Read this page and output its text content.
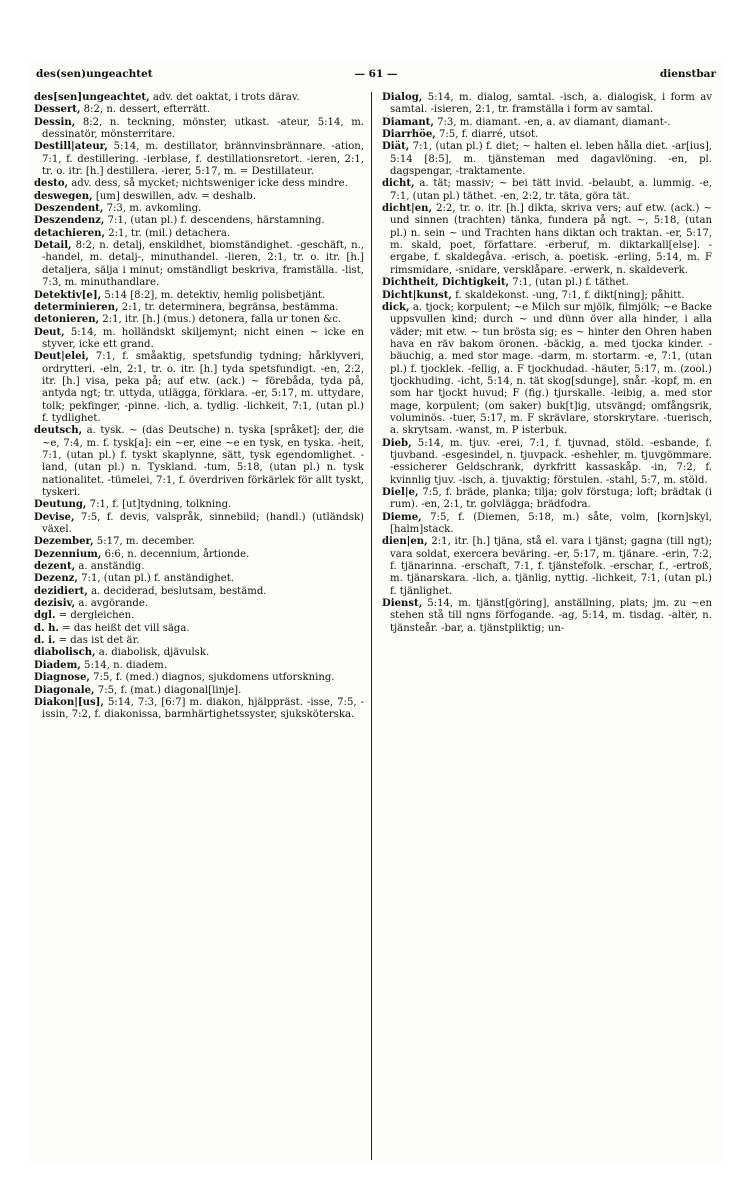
des(sen)ungeachtet	— 61 —	dienstbar

des[sen]ungeachtet, adv. det oaktat, i trots därav.

Dessert, 8:2, n. dessert, efterrätt.

Dessin, 8:2, n. teckning, mönster, utkast. -ateur, 5:14, m. dessinatör, mönsterritare.

Destill|ateur, 5:14, m. destillator, brännvinsbrännare. -ation, 7:1, f. destillering. -ierblase, f. destillationsretort. -ieren, 2:1, tr. o. itr. [h.] destillera. -ierer, 5:17, m. = Destillateur.

desto, adv. dess, så mycket; nichtsweniger icke dess mindre.

deswegen, [um] deswillen, adv. = deshalb.

Deszendent, 7:3, m. avkomling.

Deszendenz, 7:1, (utan pl.) f. descendens, härstamning.

detachieren, 2:1, tr. (mil.) detachera.

Detail, 8:2, n. detalj, enskildhet, biomständighet. -geschäft, n., -handel, m. detalj-, minuthandel. -lieren, 2:1, tr. o. itr. [h.] detaljera, sälja i minut; omständligt beskriva, framställa. -list, 7:3, m. minuthandlare.

Detektiv[e], 5:14 [8:2], m. detektiv, hemlig polisbetjänt.

determinieren, 2:1, tr. determinera, begränsa, bestämma.

detonieren, 2:1, itr. [h.] (mus.) detonera, falla ur tonen &c.

Deut, 5:14, m. holländskt skiljemynt; nicht einen ~ icke en styver, icke ett grand.

Deut|elei, 7:1, f. småaktig, spetsfundig tydning; hårklyveri, ordrytteri. -eln, 2:1, tr. o. itr. [h.] tyda spetsfundigt. -en, 2:2, itr. [h.] visa, peka på; auf etw. (ack.) ~ förebåda, tyda på, antyda ngt; tr. uttyda, utlägga, förklara. -er, 5:17, m. uttydare, tolk; pekfinger, -pinne. -lich, a. tydlig. -lichkeit, 7:1, (utan pl.) f. tydlighet.

deutsch, a. tysk. ~ (das Deutsche) n. tyska [språket]; der, die ~e, 7:4, m. f. tysk[a]: ein ~er, eine ~e en tysk, en tyska. -heit, 7:1, (utan pl.) f. tyskt skaplynne, sätt, tysk egendomlighet. -land, (utan pl.) n. Tyskland. -tum, 5:18, (utan pl.) n. tysk nationalitet. -tümelei, 7:1, f. överdriven förkärlek för allt tyskt, tyskeri.

Deutung, 7:1, f. [ut]tydning, tolkning.

Devise, 7:5, f. devis, valspråk, sinnebild; (handl.) (utländsk) växel.

Dezember, 5:17, m. december.

Dezennium, 6:6, n. decennium, årtionde.

dezent, a. anständig.

Dezenz, 7:1, (utan pl.) f. anständighet.

dezidiert, a. deciderad, beslutsam, bestämd.

dezisiv, a. avgörande.

dgl. = dergleichen.

d. h. = das heißt det vill säga.

d. i. = das ist det är.

diabolisch, a. diabolisk, djävulsk.

Diadem, 5:14, n. diadem.

Diagnose, 7:5, f. (med.) diagnos, sjukdomens utforskning.

Diagonale, 7:5, f. (mat.) diagonal[linje].

Diakon|[us], 5:14, 7:3, [6:7] m. diakon, hjälppräst. -isse, 7:5, -issin, 7:2, f. diakonissa, barmhärtighetssyster, sjuksköterska.

Dialog, 5:14, m. dialog, samtal. -isch, a. dialogisk, i form av samtal. -isieren, 2:1, tr. framställa i form av samtal.

Diamant, 7:3, m. diamant. -en, a. av diamant, diamant-.

Diarrhöe, 7:5, f. diarré, utsot.

Diät, 7:1, (utan pl.) f. diet; ~ halten el. leben hålla diet. -ar[ius], 5:14 [8:5], m. tjänsteman med dagavlöning. -en, pl. dagspengar, -traktamente.

dicht, a. tät; massiv; ~ bei tätt invid. -belaubt, a. lummig. -e, 7:1, (utan pl.) täthet. -en, 2:2, tr. täta, göra tät.

dicht|en, 2:2, tr. o. itr. [h.] dikta, skriva vers; auf etw. (ack.) ~ und sinnen (trachten) tänka, fundera på ngt. ~, 5:18, (utan pl.) n. sein ~ und Trachten hans diktan och traktan. -er, 5:17, m. skald, poet, författare. -erberuf, m. diktarkall[else]. -ergabe, f. skaldegåva. -erisch, a. poetisk. -erling, 5:14, m. F rimsmidare, -snidare, versklåpare. -erwerk, n. skaldeverk.

Dichtheit, Dichtigkeit, 7:1, (utan pl.) f. täthet.

Dicht|kunst, f. skaldekonst. -ung, 7:1, f. dikt[ning]; påhitt.

dick, a. tjock; korpulent; ~e Milch sur mjölk, filmjölk; ~e Backe uppsvullen kind; durch ~ und dünn över alla hinder, i alla väder; mit etw. ~ tun brösta sig; es ~ hinter den Ohren haben hava en räv bakom öronen. -bäckig, a. med tjocka kinder. -bäuchig, a. med stor mage. -darm, m. stortarm. -e, 7:1, (utan pl.) f. tjocklek. -fellig, a. F tjockhudad. -häuter, 5:17, m. (zool.) tjockhuding. -icht, 5:14, n. tät skog[sdunge], snår. -kopf, m. en som har tjockt huvud; F (fig.) tjurskalle. -leibig, a. med stor mage, korpulent; (om saker) buk[t]ig, utsvängd; omfångsrik, voluminös. -tuer, 5:17, m. F skrävlare, storskrytare. -tuerisch, a. skrytsam. -wanst, m. P isterbuk.

Dieb, 5:14, m. tjuv. -erei, 7:1, f. tjuvnad, stöld. -esbande, f. tjuvband. -esgesindel, n. tjuvpack. -eshehler, m. tjuvgömmare. -essicherer Geldschrank, dyrkfritt kassaskåp. -in, 7:2, f. kvinnlig tjuv. -isch, a. tjuvaktig; förstulen. -stahl, 5:7, m. stöld.

Diel|e, 7:5, f. bräde, planka; tilja; golv förstuga; loft; brädtak (i rum). -en, 2:1, tr. golvlägga; brädfodra.

Dieme, 7:5, f. (Diemen, 5:18, m.) såte, volm, [korn]skyl, [halm]stack.

dien|en, 2:1, itr. [h.] tjäna, stå el. vara i tjänst; gagna (till ngt); vara soldat, exercera beväring. -er, 5:17, m. tjänare. -erin, 7:2, f. tjänarinna. -erschaft, 7:1, f. tjänstefolk. -erschar, f., -ertroß, m. tjänarskara. -lich, a. tjänlig, nyttig. -lichkeit, 7:1, (utan pl.) f. tjänlighet.

Dienst, 5:14, m. tjänst[göring], anställning, plats; jm. zu ~en stehen stå till ngns förfogande. -ag, 5:14, m. tisdag. -alter, n. tjänsteår. -bar, a. tjänstpliktig; un-
